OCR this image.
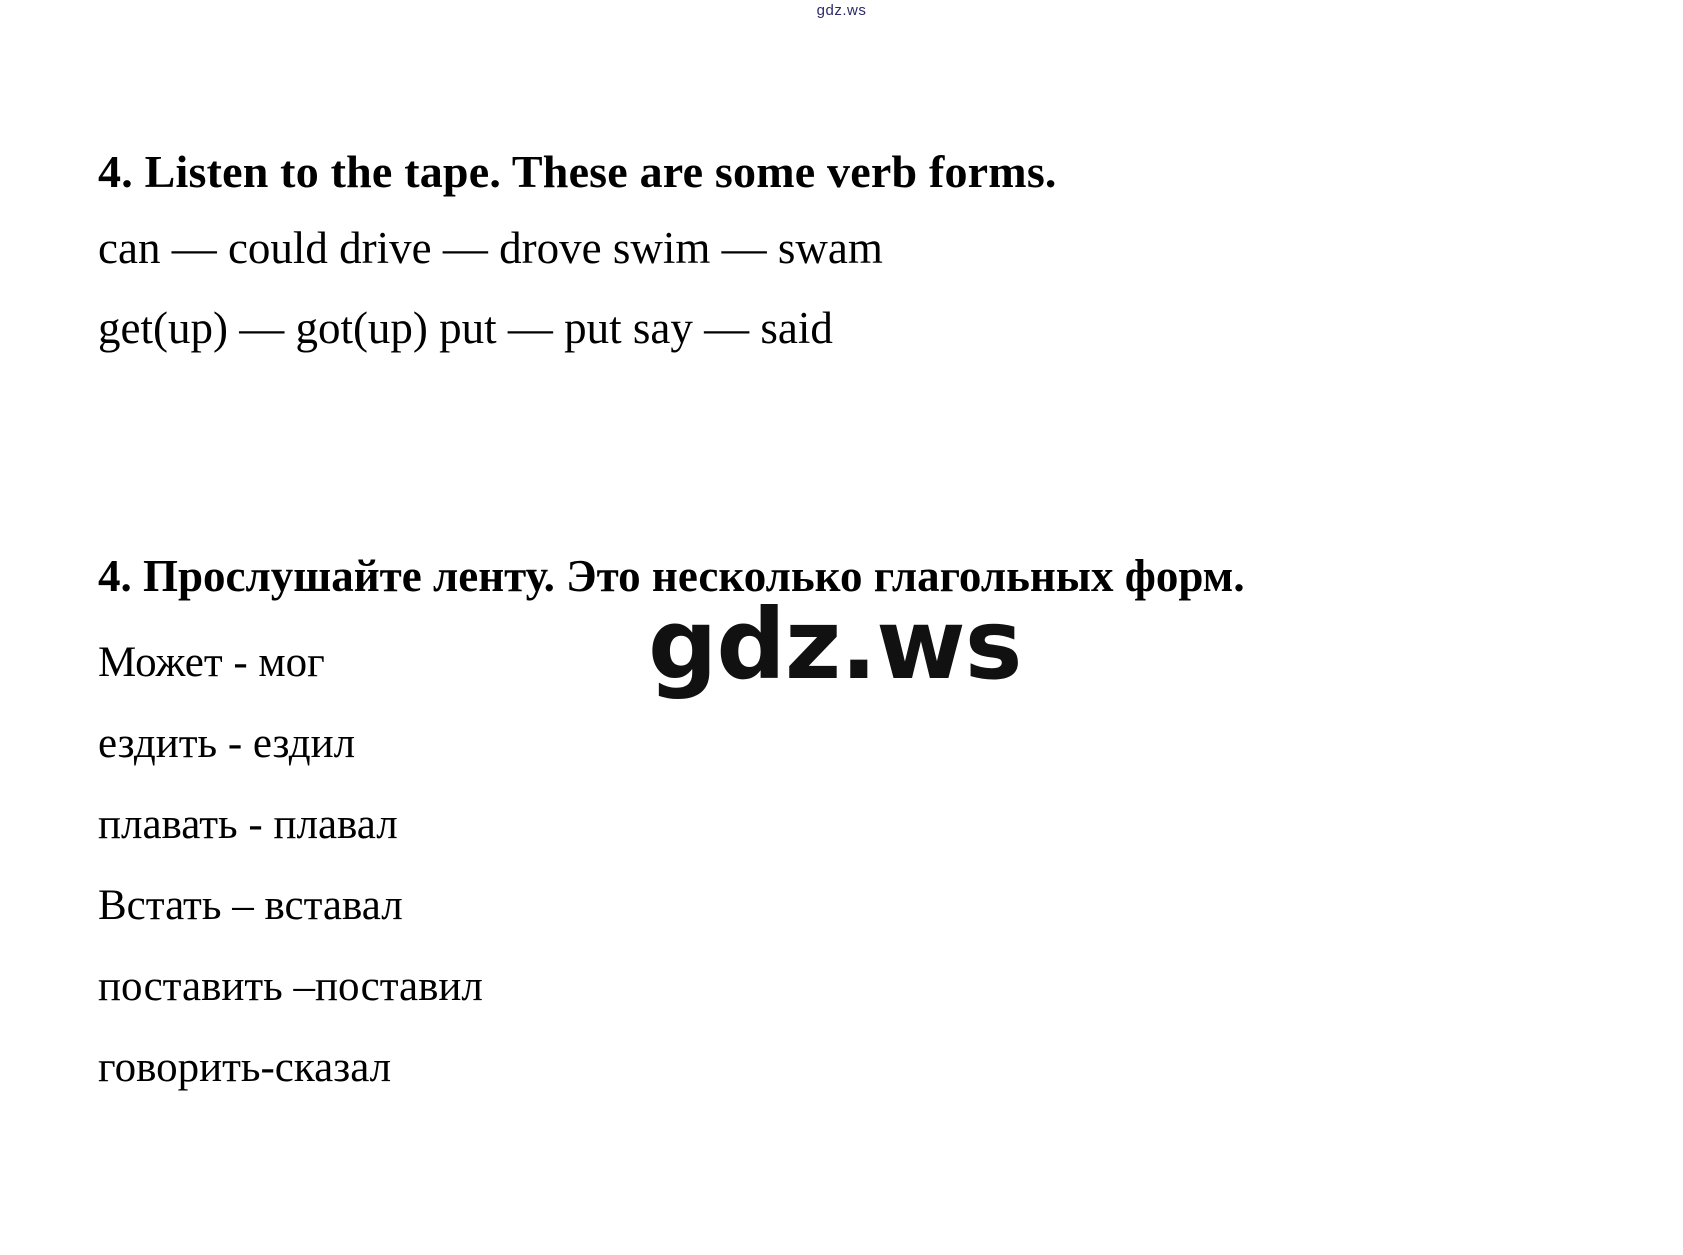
gdz.ws
4. Listen to the tape. These are some verb forms.
can — could drive — drove swim — swam
get(up) — got(up) put — put say — said
4. Прослушайте ленту. Это несколько глагольных форм.
Может - мог
ездить - ездил
плавать - плавал
Встать – вставал
поставить –поставил
говорить-сказал
gdz.ws
